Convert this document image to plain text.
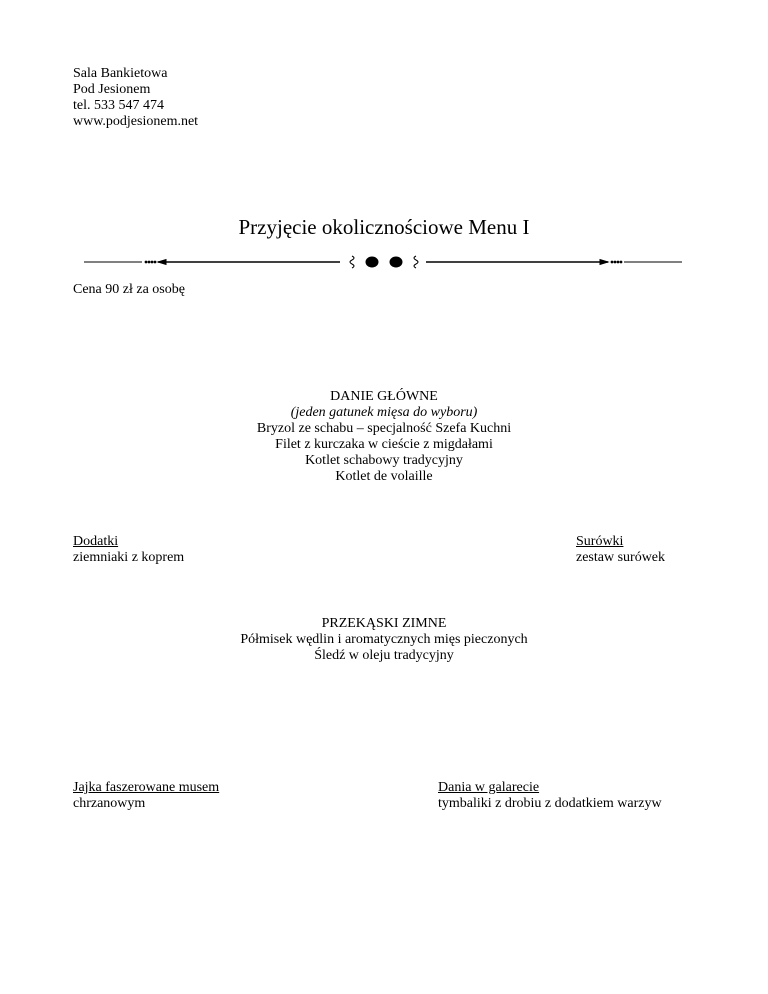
Sala Bankietowa
Pod Jesionem
tel. 533 547 474
www.podjesionem.net
Przyjęcie okolicznościowe Menu I
Cena 90 zł za osobę
DANIE GŁÓWNE
(jeden gatunek mięsa do wyboru)
Bryzol ze schabu – specjalność Szefa Kuchni
Filet z kurczaka w cieście z migdałami
Kotlet schabowy tradycyjny
Kotlet de volaille
Dodatki
ziemniaki z koprem
Surówki
zestaw surówek
PRZEKĄSKI ZIMNE
Półmisek wędlin i aromatycznych mięs pieczonych
Śledź w oleju tradycyjny
Jajka faszerowane musem
chrzanowym
Dania w galarecie
tymbaliki z drobiu z dodatkiem warzyw
